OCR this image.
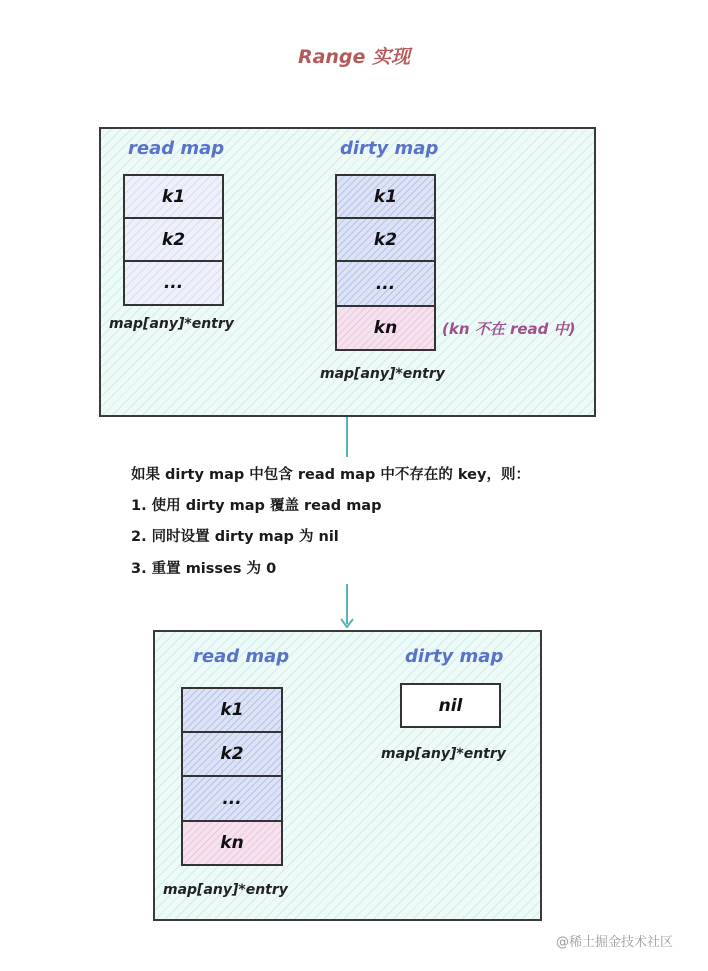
Range 实现
read map	dirty map
k1
k2
...
map[any]*entry
k1
k2
...
kn	(kn 不在 read 中)
map[any]*entry
如果 dirty map 中包含 read map 中不存在的 key，则：
1. 使用 dirty map 覆盖 read map
2. 同时设置 dirty map 为 nil
3. 重置 misses 为 0
read map	dirty map
k1
k2
...
kn
map[any]*entry
nil
map[any]*entry
@稀土掘金技术社区
